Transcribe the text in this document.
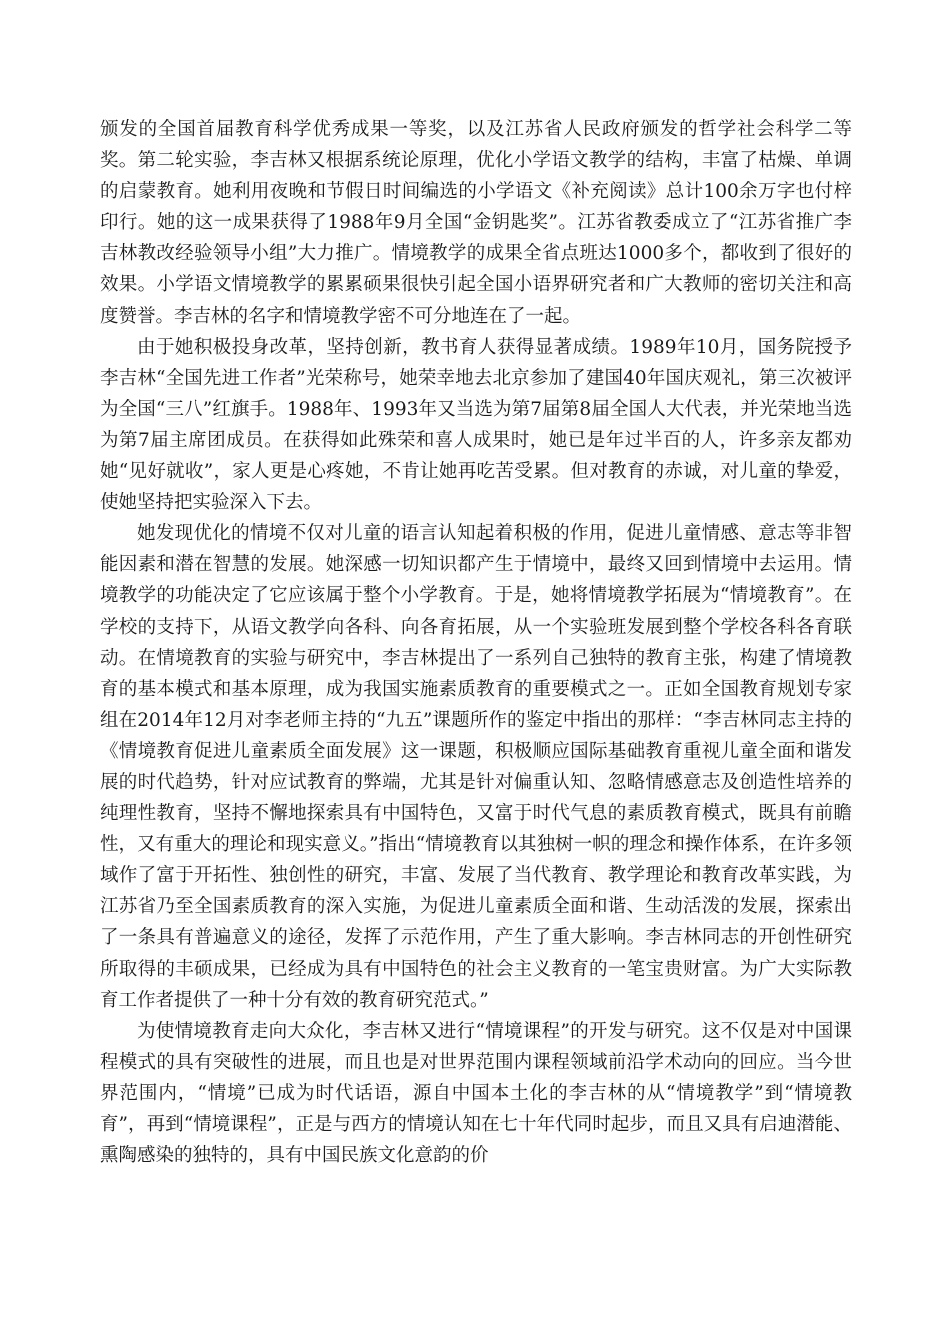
颁发的全国首届教育科学优秀成果一等奖，以及江苏省人民政府颁发的哲学社会科学二等奖。第二轮实验，李吉林又根据系统论原理，优化小学语文教学的结构，丰富了枯燥、单调的启蒙教育。她利用夜晚和节假日时间编选的小学语文《补充阅读》总计100余万字也付梓印行。她的这一成果获得了1988年9月全国“金钥匙奖”。江苏省教委成立了“江苏省推广李吉林教改经验领导小组”大力推广。情境教学的成果全省点班达1000多个，都收到了很好的效果。小学语文情境教学的累累硕果很快引起全国小语界研究者和广大教师的密切关注和高度赞誉。李吉林的名字和情境教学密不可分地连在了一起。

由于她积极投身改革，坚持创新，教书育人获得显著成绩。1989年10月，国务院授予李吉林“全国先进工作者”光荣称号，她荣幸地去北京参加了建国40年国庆观礼，第三次被评为全国“三八”红旗手。1988年、1993年又当选为第7届第8届全国人大代表，并光荣地当选为第7届主席团成员。在获得如此殊荣和喜人成果时，她已是年过半百的人，许多亲友都劝她“见好就收”，家人更是心疼她，不肯让她再吃苦受累。但对教育的赤诚，对儿童的挚爱，使她坚持把实验深入下去。

她发现优化的情境不仅对儿童的语言认知起着积极的作用，促进儿童情感、意志等非智能因素和潜在智慧的发展。她深感一切知识都产生于情境中，最终又回到情境中去运用。情境教学的功能决定了它应该属于整个小学教育。于是，她将情境教学拓展为“情境教育”。在学校的支持下，从语文教学向各科、向各育拓展，从一个实验班发展到整个学校各科各育联动。在情境教育的实验与研究中，李吉林提出了一系列自己独特的教育主张，构建了情境教育的基本模式和基本原理，成为我国实施素质教育的重要模式之一。正如全国教育规划专家组在2014年12月对李老师主持的“九五”课题所作的鉴定中指出的那样：“李吉林同志主持的《情境教育促进儿童素质全面发展》这一课题，积极顺应国际基础教育重视儿童全面和谐发展的时代趋势，针对应试教育的弊端，尤其是针对偏重认知、忽略情感意志及创造性培养的纯理性教育，坚持不懈地探索具有中国特色，又富于时代气息的素质教育模式，既具有前瞻性，又有重大的理论和现实意义。”指出“情境教育以其独树一帜的理念和操作体系，在许多领域作了富于开拓性、独创性的研究，丰富、发展了当代教育、教学理论和教育改革实践，为江苏省乃至全国素质教育的深入实施，为促进儿童素质全面和谐、生动活泼的发展，探索出了一条具有普遍意义的途径，发挥了示范作用，产生了重大影响。李吉林同志的开创性研究所取得的丰硕成果，已经成为具有中国特色的社会主义教育的一笔宝贵财富。为广大实际教育工作者提供了一种十分有效的教育研究范式。”

为使情境教育走向大众化，李吉林又进行“情境课程”的开发与研究。这不仅是对中国课程模式的具有突破性的进展，而且也是对世界范围内课程领域前沿学术动向的回应。当今世界范围内，“情境”已成为时代话语，源自中国本土化的李吉林的从“情境教学”到“情境教育”，再到“情境课程”，正是与西方的情境认知在七十年代同时起步，而且又具有启迪潜能、熏陶感染的独特的，具有中国民族文化意韵的价
